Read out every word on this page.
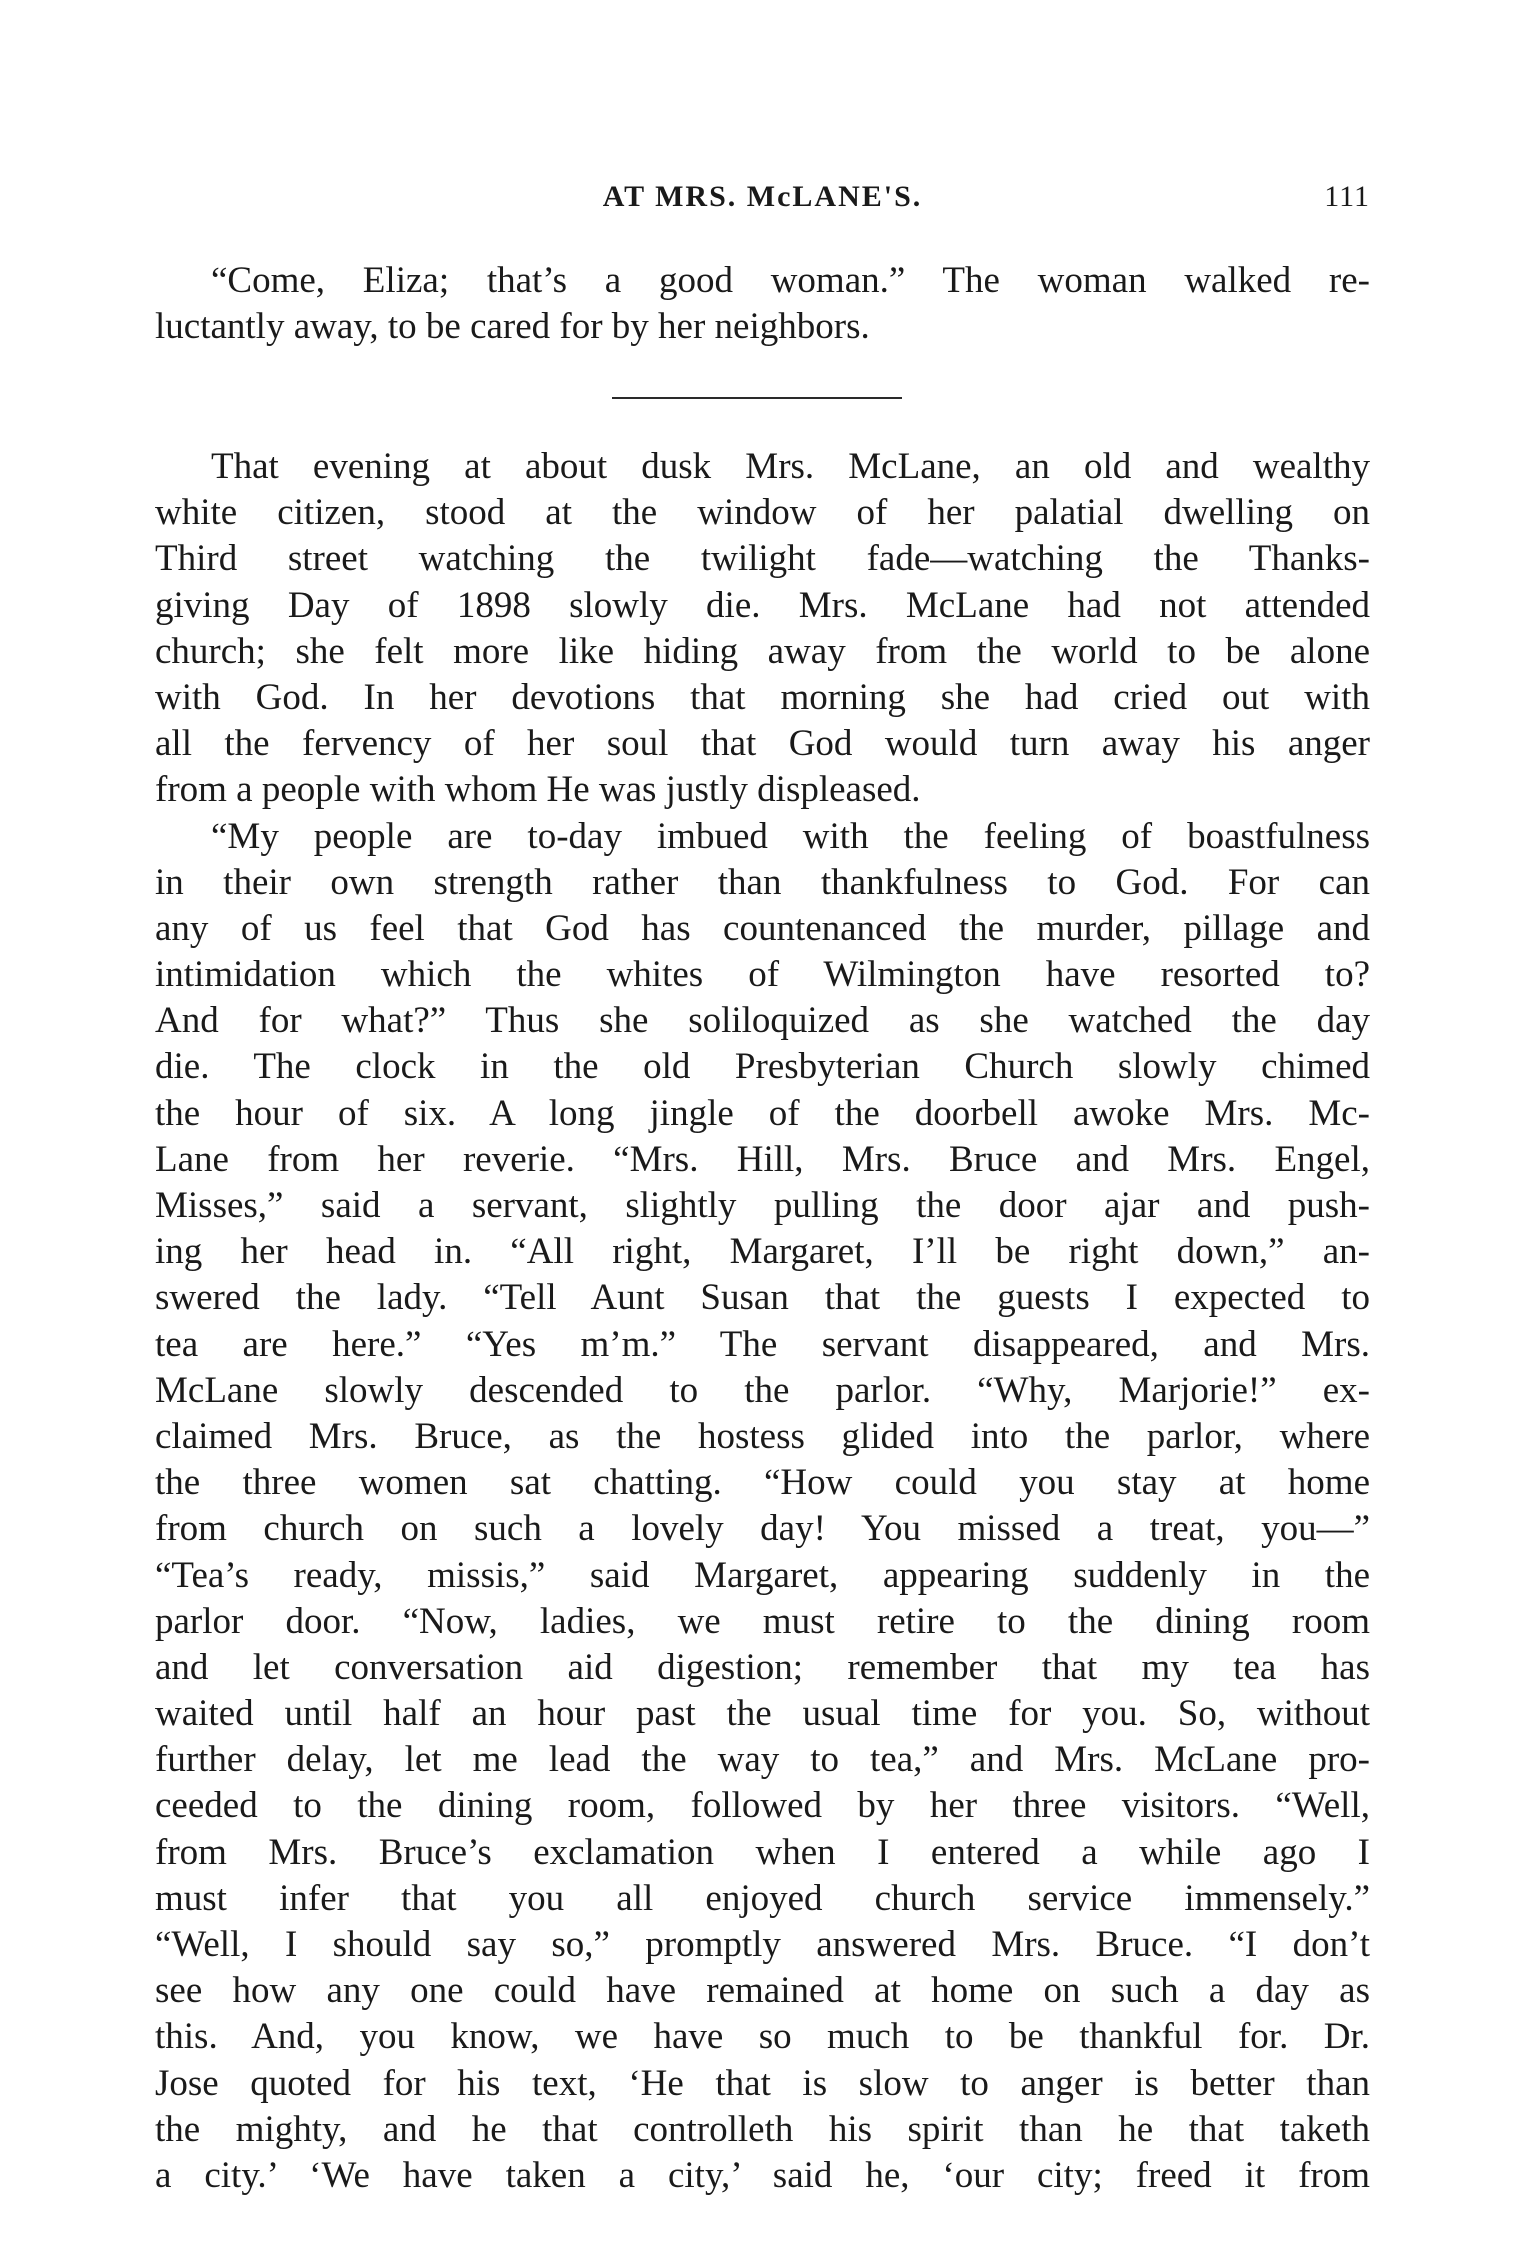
AT MRS. McLANE'S.	111
“Come, Eliza; that’s a good woman.” The woman walked re-
luctantly away, to be cared for by her neighbors.
That evening at about dusk Mrs. McLane, an old and wealthy
white citizen, stood at the window of her palatial dwelling on
Third street watching the twilight fade—watching the Thanks-
giving Day of 1898 slowly die. Mrs. McLane had not attended
church; she felt more like hiding away from the world to be alone
with God. In her devotions that morning she had cried out with
all the fervency of her soul that God would turn away his anger
from a people with whom He was justly displeased.
“My people are to-day imbued with the feeling of boastfulness
in their own strength rather than thankfulness to God. For can
any of us feel that God has countenanced the murder, pillage and
intimidation which the whites of Wilmington have resorted to?
And for what?” Thus she soliloquized as she watched the day
die. The clock in the old Presbyterian Church slowly chimed
the hour of six. A long jingle of the doorbell awoke Mrs. Mc-
Lane from her reverie. “Mrs. Hill, Mrs. Bruce and Mrs. Engel,
Misses,” said a servant, slightly pulling the door ajar and push-
ing her head in. “All right, Margaret, I’ll be right down,” an-
swered the lady. “Tell Aunt Susan that the guests I expected to
tea are here.” “Yes m’m.” The servant disappeared, and Mrs.
McLane slowly descended to the parlor. “Why, Marjorie!” ex-
claimed Mrs. Bruce, as the hostess glided into the parlor, where
the three women sat chatting. “How could you stay at home
from church on such a lovely day! You missed a treat, you—”
“Tea’s ready, missis,” said Margaret, appearing suddenly in the
parlor door. “Now, ladies, we must retire to the dining room
and let conversation aid digestion; remember that my tea has
waited until half an hour past the usual time for you. So, without
further delay, let me lead the way to tea,” and Mrs. McLane pro-
ceeded to the dining room, followed by her three visitors. “Well,
from Mrs. Bruce’s exclamation when I entered a while ago I
must infer that you all enjoyed church service immensely.”
“Well, I should say so,” promptly answered Mrs. Bruce. “I don’t
see how any one could have remained at home on such a day as
this. And, you know, we have so much to be thankful for. Dr.
Jose quoted for his text, ‘He that is slow to anger is better than
the mighty, and he that controlleth his spirit than he that taketh
a city.’ ‘We have taken a city,’ said he, ‘our city; freed it from
